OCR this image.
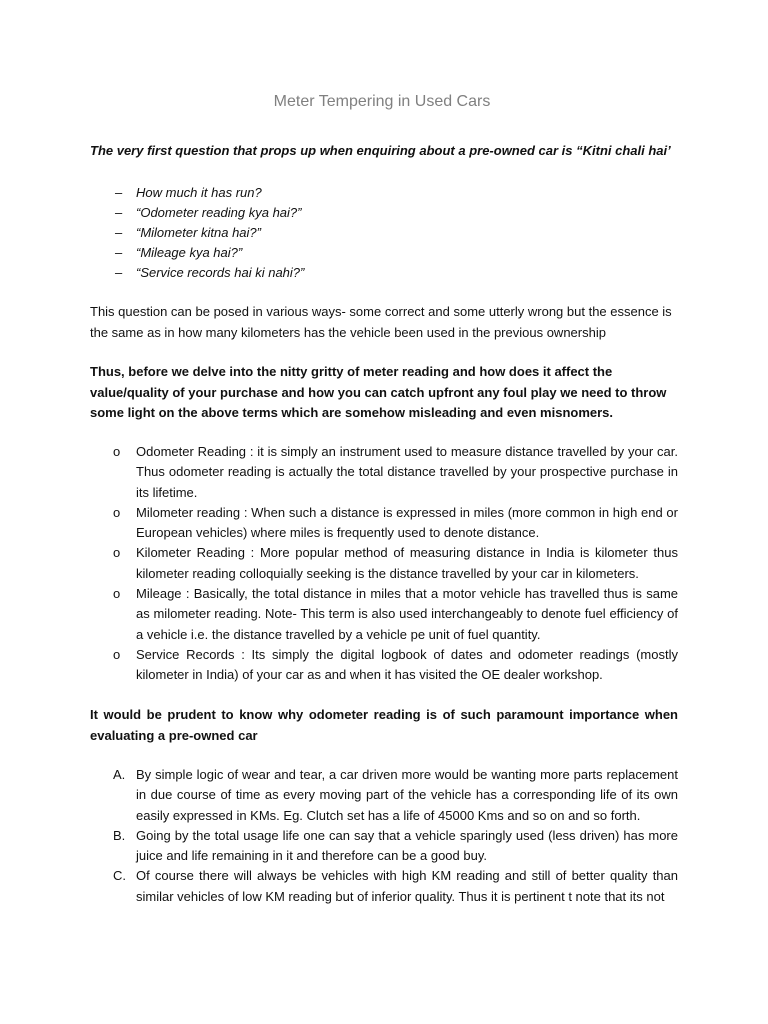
Meter Tempering in Used Cars
The very first question that props up when enquiring about a pre-owned car is “Kitni chali hai’
– How much it has run?
– “Odometer reading kya hai?”
– “Milometer kitna hai?”
– “Mileage kya hai?”
– “Service records hai ki nahi?”
This question can be posed in various ways- some correct and some utterly wrong but the essence is the same as in how many kilometers has the vehicle been used in the previous ownership
Thus, before we delve into the nitty gritty of meter reading and how does it affect the value/quality of your purchase and how you can catch upfront any foul play we need to throw some light on the above terms which are somehow misleading and even misnomers.
o Odometer Reading : it is simply an instrument used to measure distance travelled by your car. Thus odometer reading is actually the total distance travelled by your prospective purchase in its lifetime.
o Milometer reading : When such a distance is expressed in miles (more common in high end or European vehicles) where miles is frequently used to denote distance.
o Kilometer Reading : More popular method of measuring distance in India is kilometer thus kilometer reading colloquially seeking is the distance travelled by your car in kilometers.
o Mileage : Basically, the total distance in miles that a motor vehicle has travelled thus is same as milometer reading. Note- This term is also used interchangeably to denote fuel efficiency of a vehicle i.e. the distance travelled by a vehicle pe unit of fuel quantity.
o Service Records : Its simply the digital logbook of dates and odometer readings (mostly kilometer in India) of your car as and when it has visited the OE dealer workshop.
It would be prudent to know why odometer reading is of such paramount importance when evaluating a pre-owned car
A. By simple logic of wear and tear, a car driven more would be wanting more parts replacement in due course of time as every moving part of the vehicle has a corresponding life of its own easily expressed in KMs. Eg. Clutch set has a life of 45000 Kms and so on and so forth.
B. Going by the total usage life one can say that a vehicle sparingly used (less driven) has more juice and life remaining in it and therefore can be a good buy.
C. Of course there will always be vehicles with high KM reading and still of better quality than similar vehicles of low KM reading but of inferior quality. Thus it is pertinent t note that its not
